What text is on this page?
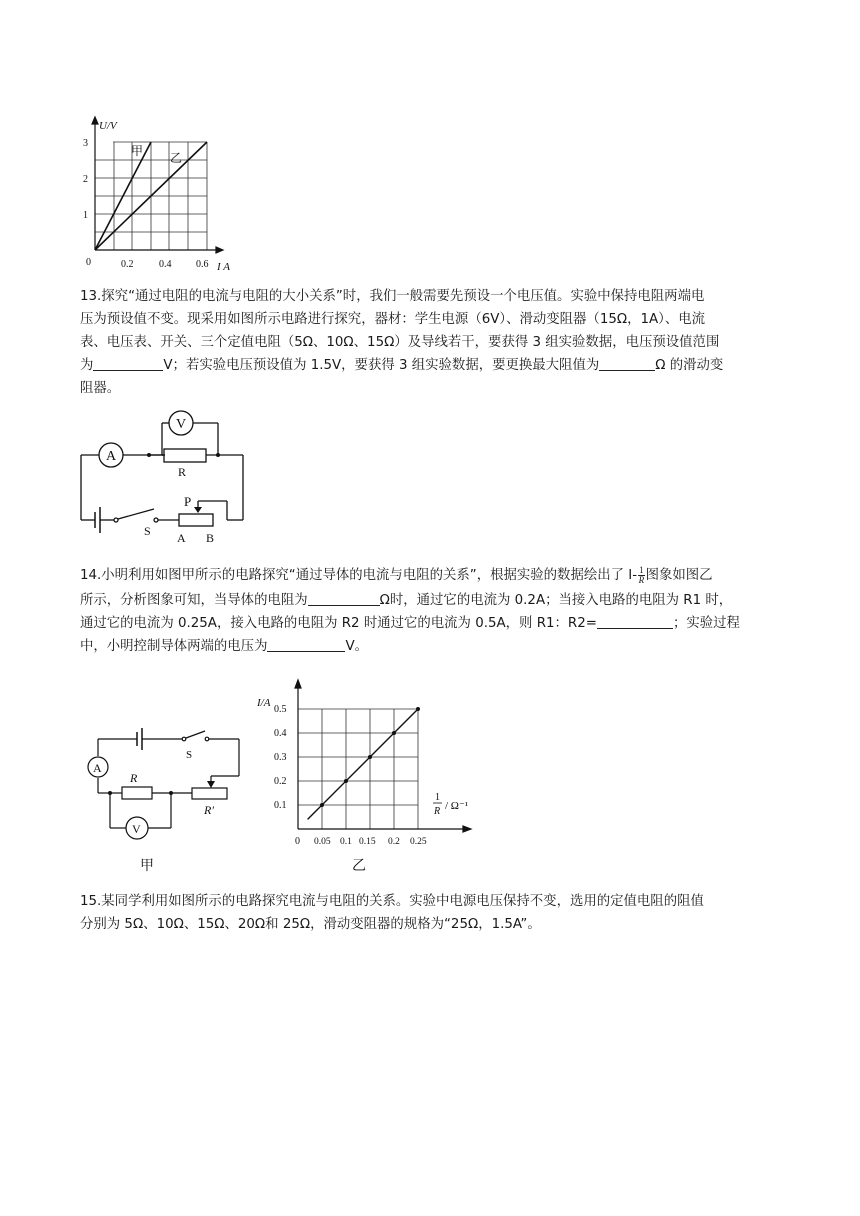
U/V
I A
0
1
2
3
0.2	0.4 0.6
甲 乙
13.探究“通过电阻的电流与电阻的大小关系”时，我们一般需要先预设一个电压值。实验中保持电阻两端电
压为预设值不变。现采用如图所示电路进行探究，器材：学生电源（6V）、滑动变阻器（15Ω，1A）、电流
表、电压表、开关、三个定值电阻（5Ω、10Ω、15Ω）及导线若干，要获得 3 组实验数据，电压预设值范围
为	V；若实验电压预设值为 1.5V，要获得 3 组实验数据，要更换最大阻值为	Ω 的滑动变
阻器。
A
V
R
S
P
A B
14.小明利用如图甲所示的电路探究“通过导体的电流与电阻的关系”，根据实验的数据绘出了 $I- \frac{1}{R}$ 图象如图乙
所示，分析图象可知，当导体的电阻为	Ω时，通过它的电流为 0.2A；当接入电路的电阻为 R1 时，
通过它的电流为 0.25A，接入电路的电阻为 R2 时通过它的电流为 0.5A，则 R1：R2=	；实验过程
中，小明控制导体两端的电压为	V。
A
V
R
R′
S
甲
I/A
0
0.1
0.2
0.3
0.4
0.5
0.05 0.1 0.15 0.2 0.25
1
R / Ω⁻¹
乙
15.某同学利用如图所示的电路探究电流与电阻的关系。实验中电源电压保持不变，选用的定值电阻的阻值
分别为 5Ω、10Ω、15Ω、20Ω和 25Ω，滑动变阻器的规格为“25Ω，1.5A”。
